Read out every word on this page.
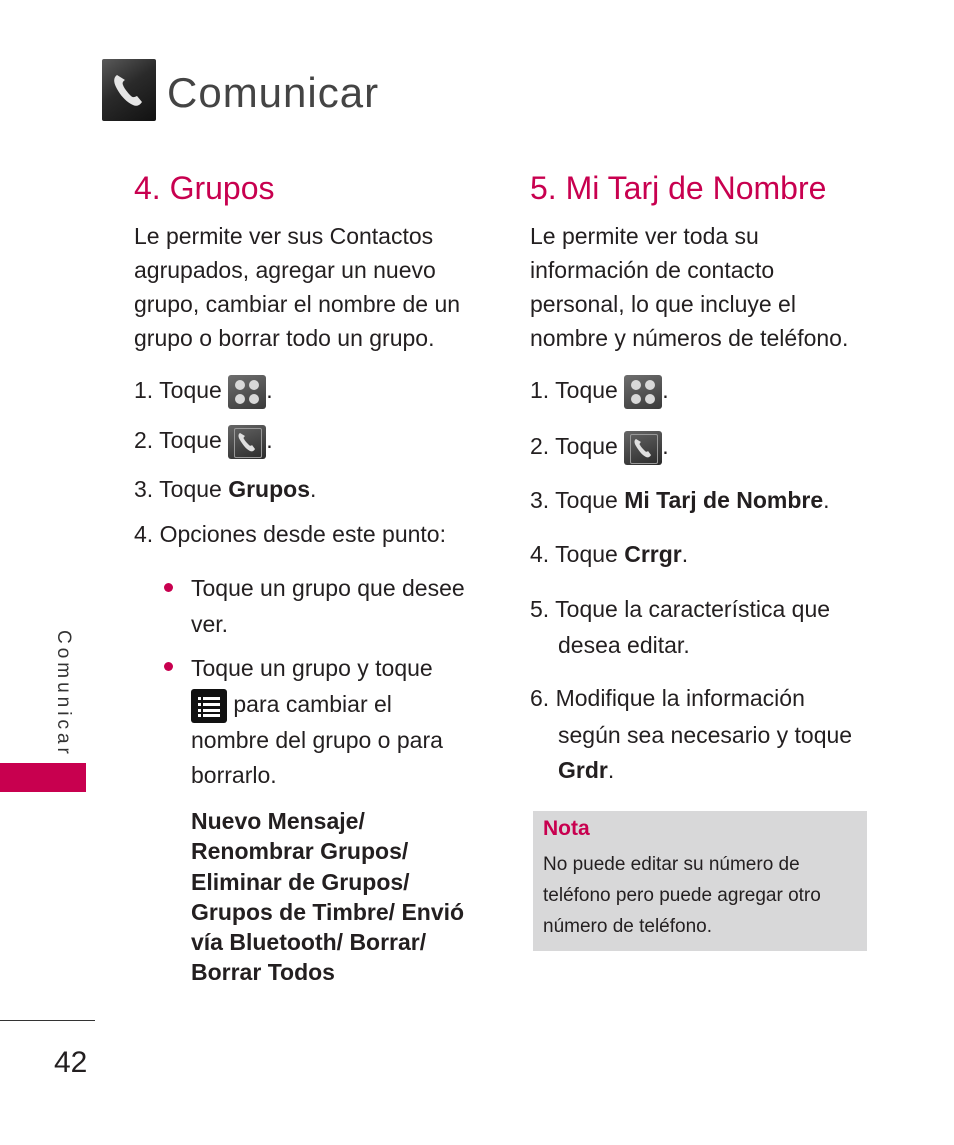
Comunicar
4. Grupos
Le permite ver sus Contactos agrupados, agregar un nuevo grupo, cambiar el nombre de un grupo o borrar todo un grupo.
1. Toque .
2. Toque .
3. Toque Grupos.
4. Opciones desde este punto:
Toque un grupo que desee
ver.
Toque un grupo y toque
para cambiar el
nombre del grupo o para
borrarlo.
Nuevo Mensaje/
Renombrar Grupos/
Eliminar de Grupos/
Grupos de Timbre/ Envió
vía Bluetooth/ Borrar/
Borrar Todos
5. Mi Tarj de Nombre
Le permite ver toda su información de contacto personal, lo que incluye el nombre y números de teléfono.
1. Toque .
2. Toque .
3. Toque Mi Tarj de Nombre.
4. Toque Crrgr.
5. Toque la característica que
desea editar.
6. Modifique la información
según sea necesario y toque
Grdr.
Nota
No puede editar su número de teléfono pero puede agregar otro número de teléfono.
Comunicar
42
